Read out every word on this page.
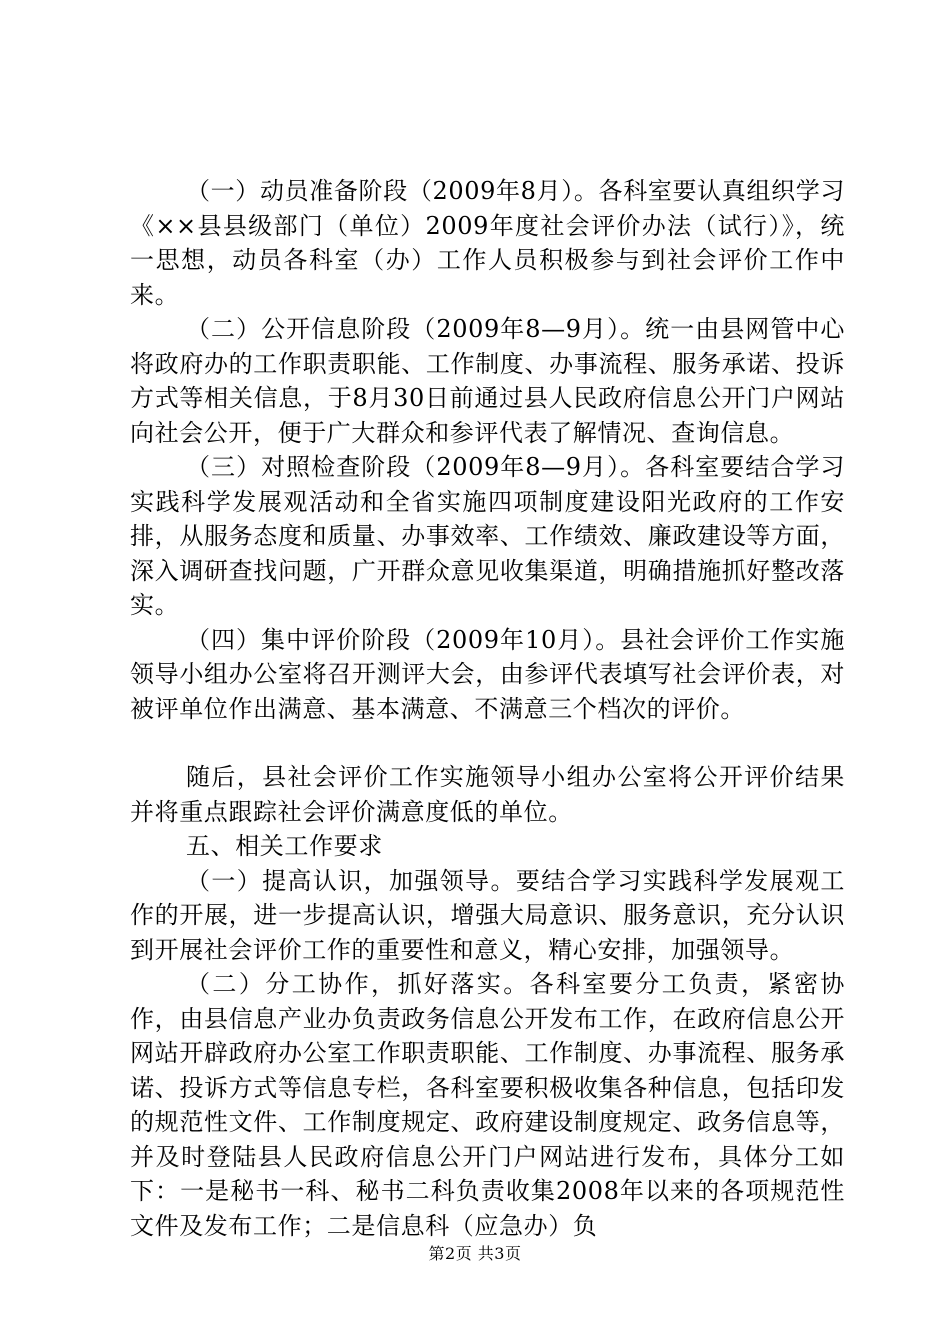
（一）动员准备阶段（2009年8月）。各科室要认真组织学习《××县县级部门（单位）2009年度社会评价办法（试行）》，统一思想，动员各科室（办）工作人员积极参与到社会评价工作中来。

（二）公开信息阶段（2009年8—9月）。统一由县网管中心将政府办的工作职责职能、工作制度、办事流程、服务承诺、投诉方式等相关信息，于8月30日前通过县人民政府信息公开门户网站向社会公开，便于广大群众和参评代表了解情况、查询信息。

（三）对照检查阶段（2009年8—9月）。各科室要结合学习实践科学发展观活动和全省实施四项制度建设阳光政府的工作安排，从服务态度和质量、办事效率、工作绩效、廉政建设等方面，深入调研查找问题，广开群众意见收集渠道，明确措施抓好整改落实。

（四）集中评价阶段（2009年10月）。县社会评价工作实施领导小组办公室将召开测评大会，由参评代表填写社会评价表，对被评单位作出满意、基本满意、不满意三个档次的评价。

随后，县社会评价工作实施领导小组办公室将公开评价结果并将重点跟踪社会评价满意度低的单位。

五、相关工作要求

（一）提高认识，加强领导。要结合学习实践科学发展观工作的开展，进一步提高认识，增强大局意识、服务意识，充分认识到开展社会评价工作的重要性和意义，精心安排，加强领导。

（二）分工协作，抓好落实。各科室要分工负责，紧密协作，由县信息产业办负责政务信息公开发布工作，在政府信息公开网站开辟政府办公室工作职责职能、工作制度、办事流程、服务承诺、投诉方式等信息专栏，各科室要积极收集各种信息，包括印发的规范性文件、工作制度规定、政府建设制度规定、政务信息等，并及时登陆县人民政府信息公开门户网站进行发布，具体分工如下：一是秘书一科、秘书二科负责收集2008年以来的各项规范性文件及发布工作；二是信息科（应急办）负

第2页 共3页
